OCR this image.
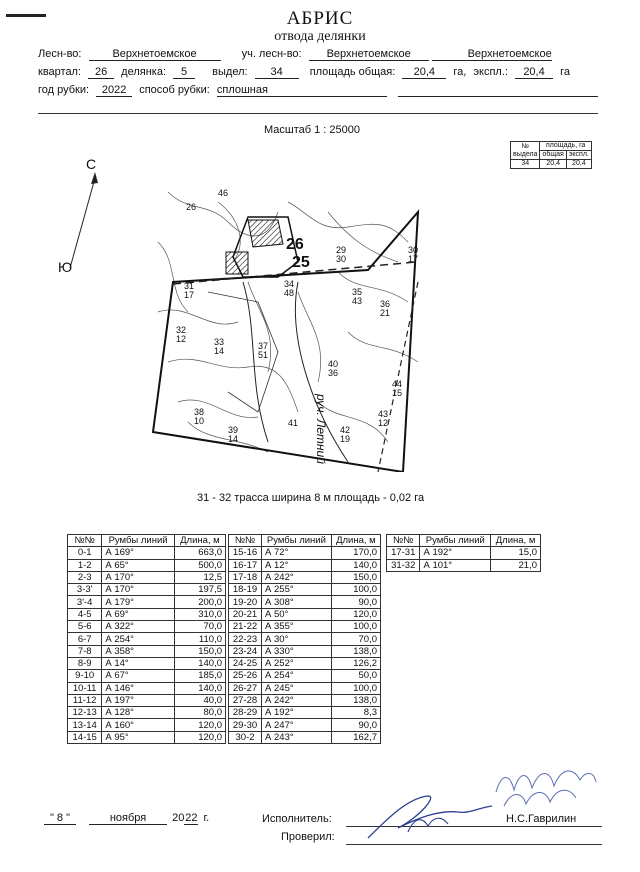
АБРИС
отвода делянки
Лесн-во:	Верхнетоемское	уч. лесн-во: Верхнетоемское	Верхнетоемское
квартал: 26 делянка: 5 выдел: 34 площадь общая: 20,4 га, экспл.: 20,4 га
год рубки: 2022 способ рубки: сплошная
Масштаб 1 : 25000
№
выдела	площадь, га	
	общая	экспл.
34	20,4	20,4
С
Ю
26
25
46
26
29
30
30
17
31
17
34
48	35
43 36
21
32
12	33
14	37
51
40
36
44
15
43
12
38
10
39
14
41
42
19
руч. Летний
31 - 32 трасса ширина 8 м площадь - 0,02 га
№№	Румбы линий	Длина, м
0-1	А 169°	663,0
1-2	А 65°	500,0
2-3	А 170°	12,5
3-3'	А 170°	197,5
3'-4	А 179°	200,0
4-5	А 69°	310,0
5-6	А 322°	70,0
6-7	А 254°	110,0
7-8	А 358°	150,0
8-9	А 14°	140,0
9-10	А 67°	185,0
10-11	А 146°	140,0
11-12	А 197°	40,0
12-13	А 128°	80,0
13-14	А 160°	120,0
14-15	А 95°	120,0
№№	Румбы линий	Длина, м
15-16	А 72°	170,0
16-17	А 12°	140,0
17-18	А 242°	150,0
18-19	А 255°	100,0
19-20	А 308°	90,0
20-21	А 50°	120,0
21-22	А 355°	100,0
22-23	А 30°	70,0
23-24	А 330°	138,0
24-25	А 252°	126,2
25-26	А 254°	50,0
26-27	А 245°	100,0
27-28	А 242°	138,0
28-29	А 192°	8,3
29-30	А 247°	90,0
30-2	А 243°	162,7
№№	Румбы линий	Длина, м
17-31	А 192°	15,0
31-32	А 101°	21,0
" 8 "	ноября 2022 г.	Исполнитель:	Н.С.Гаврилин
Проверил:
